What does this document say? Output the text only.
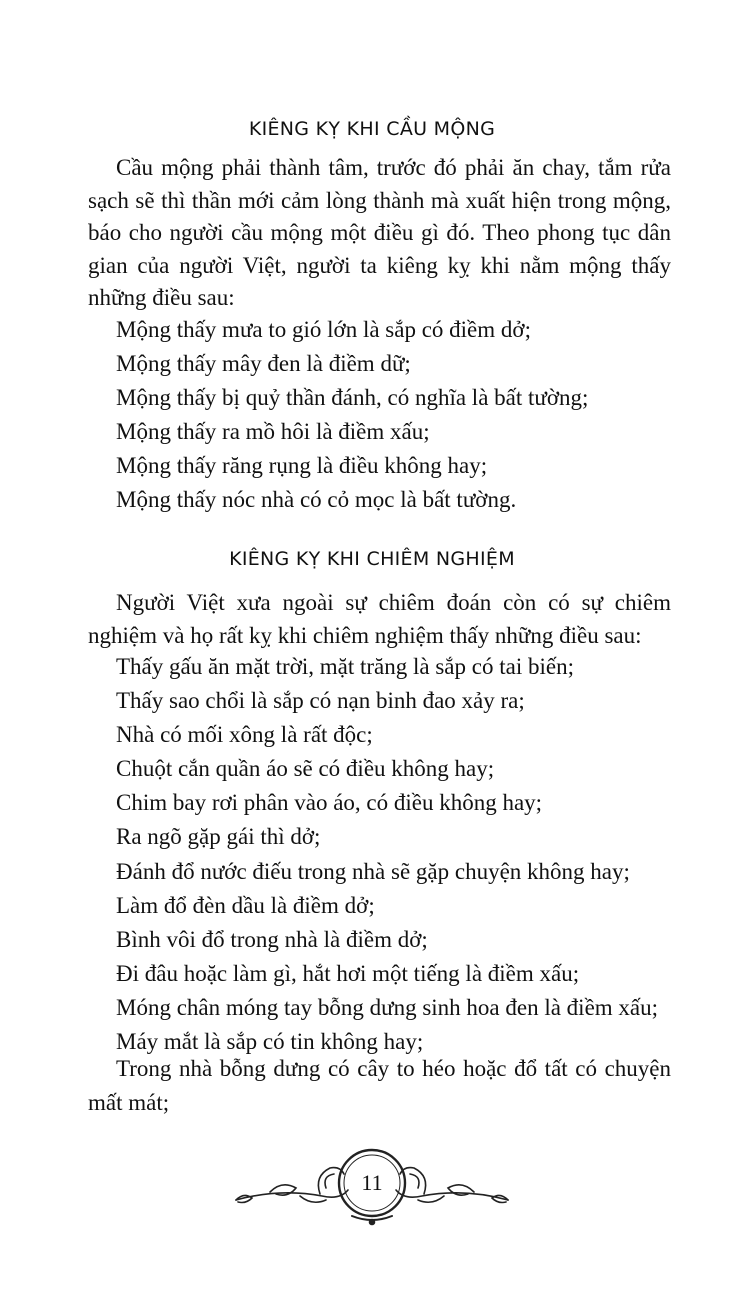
KIÊNG KỴ KHI CẦU MỘNG

Cầu mộng phải thành tâm, trước đó phải ăn chay, tắm rửa sạch sẽ thì thần mới cảm lòng thành mà xuất hiện trong mộng, báo cho người cầu mộng một điều gì đó. Theo phong tục dân gian của người Việt, người ta kiêng kỵ khi nằm mộng thấy những điều sau:

Mộng thấy mưa to gió lớn là sắp có điềm dở;
Mộng thấy mây đen là điềm dữ;
Mộng thấy bị quỷ thần đánh, có nghĩa là bất tường;
Mộng thấy ra mồ hôi là điềm xấu;
Mộng thấy răng rụng là điều không hay;
Mộng thấy nóc nhà có cỏ mọc là bất tường.
KIÊNG KỴ KHI CHIÊM NGHIỆM

Người Việt xưa ngoài sự chiêm đoán còn có sự chiêm nghiệm và họ rất kỵ khi chiêm nghiệm thấy những điều sau:

Thấy gấu ăn mặt trời, mặt trăng là sắp có tai biến;
Thấy sao chổi là sắp có nạn binh đao xảy ra;
Nhà có mối xông là rất độc;
Chuột cắn quần áo sẽ có điều không hay;
Chim bay rơi phân vào áo, có điều không hay;
Ra ngõ gặp gái thì dở;
Đánh đổ nước điếu trong nhà sẽ gặp chuyện không hay;
Làm đổ đèn dầu là điềm dở;
Bình vôi đổ trong nhà là điềm dở;
Đi đâu hoặc làm gì, hắt hơi một tiếng là điềm xấu;
Móng chân móng tay bỗng dưng sinh hoa đen là điềm xấu;
Máy mắt là sắp có tin không hay;

Trong nhà bỗng dưng có cây to héo hoặc đổ tất có chuyện mất mát;

11
